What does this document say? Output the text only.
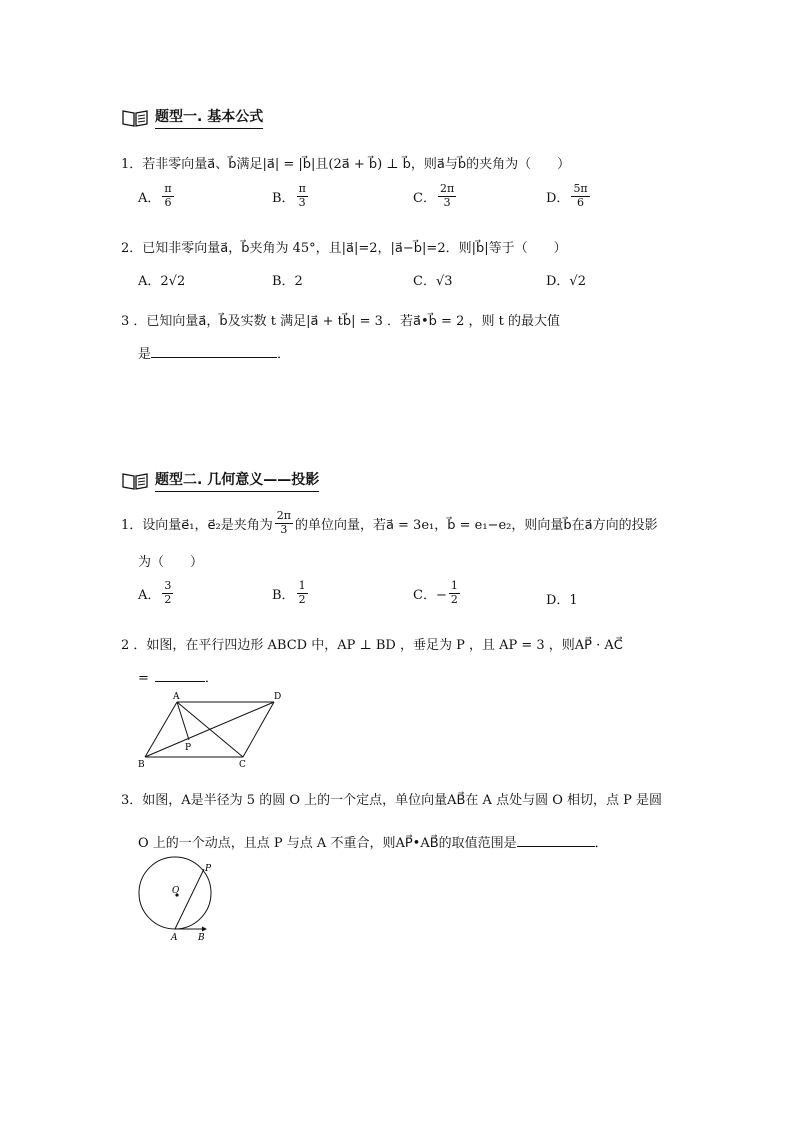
题型一. 基本公式
1．若非零向量a⃗、b⃗满足|a⃗| = |b⃗|且(2a⃗ + b⃗) ⊥ b⃗，则a⃗与b⃗的夹角为（　　）
A． $\frac{\pi}{6}$	B． $\frac{\pi}{3}$	C． $\frac{2\pi}{3}$	D． $\frac{5\pi}{6}$
2．已知非零向量a⃗，b⃗夹角为 45°，且|a⃗|=2，|a⃗−b⃗|=2．则|b⃗|等于（　　）
A．2√2	B．2	C．√3	D．√2
3 ．已知向量a⃗，b⃗及实数 t 满足|a⃗ + tb⃗| = 3 ．若a⃗•b⃗ = 2 ，则 t 的最大值
是	．
题型二. 几何意义——投影
1．设向量e⃗₁，e⃗₂是夹角为 $\frac{2\pi}{3}$ 的单位向量，若a⃗ = 3e₁，b⃗ = e₁−e₂，则向量b⃗在a⃗方向的投影
为（　　）
A． $\frac{3}{2}$	B． $\frac{1}{2}$	C．− $\frac{1}{2}$	D．1
2 ．如图，在平行四边形 ABCD 中，AP ⊥ BD ，垂足为 P ，且 AP = 3 ，则AP⃗ · AC⃗
=	．
A	D
B	C
P
3．如图，A是半径为 5 的圆 O 上的一个定点，单位向量AB⃗在 A 点处与圆 O 相切，点 P 是圆
O 上的一个动点，且点 P 与点 A 不重合，则AP⃗•AB⃗的取值范围是	．
O
P
A B
